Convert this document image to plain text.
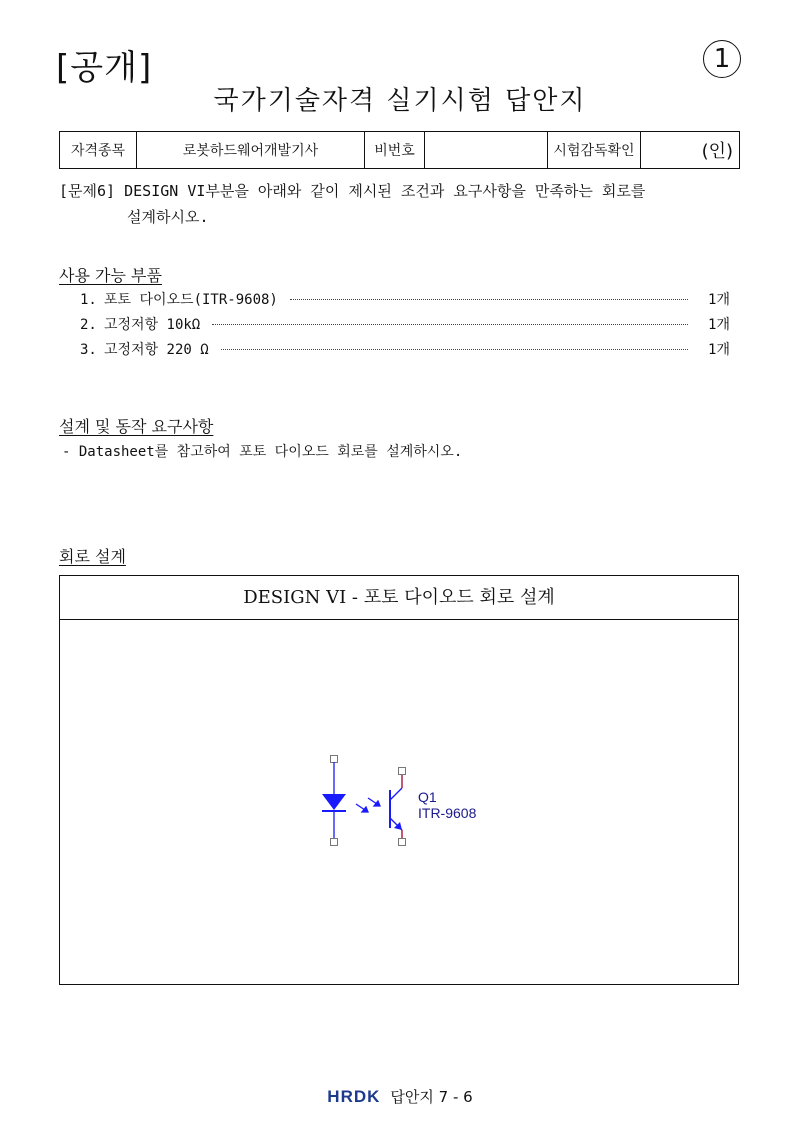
[공개]	1
국가기술자격 실기시험 답안지
자격종목	로봇하드웨어개발기사	비번호		시험감독확인	(인)
[문제6] DESIGN VI부분을 아래와 같이 제시된 조건과 요구사항을 만족하는 회로를
설계하시오.
사용 가능 부품
1. 포토 다이오드(ITR-9608)	1개
2. 고정저항 10kΩ	1개
3. 고정저항 220 Ω	1개
설계 및 동작 요구사항
- Datasheet를 참고하여 포토 다이오드 회로를 설계하시오.
회로 설계
DESIGN VI - 포토 다이오드 회로 설계
Q1
ITR-9608
HRDK 답안지 7 - 6
